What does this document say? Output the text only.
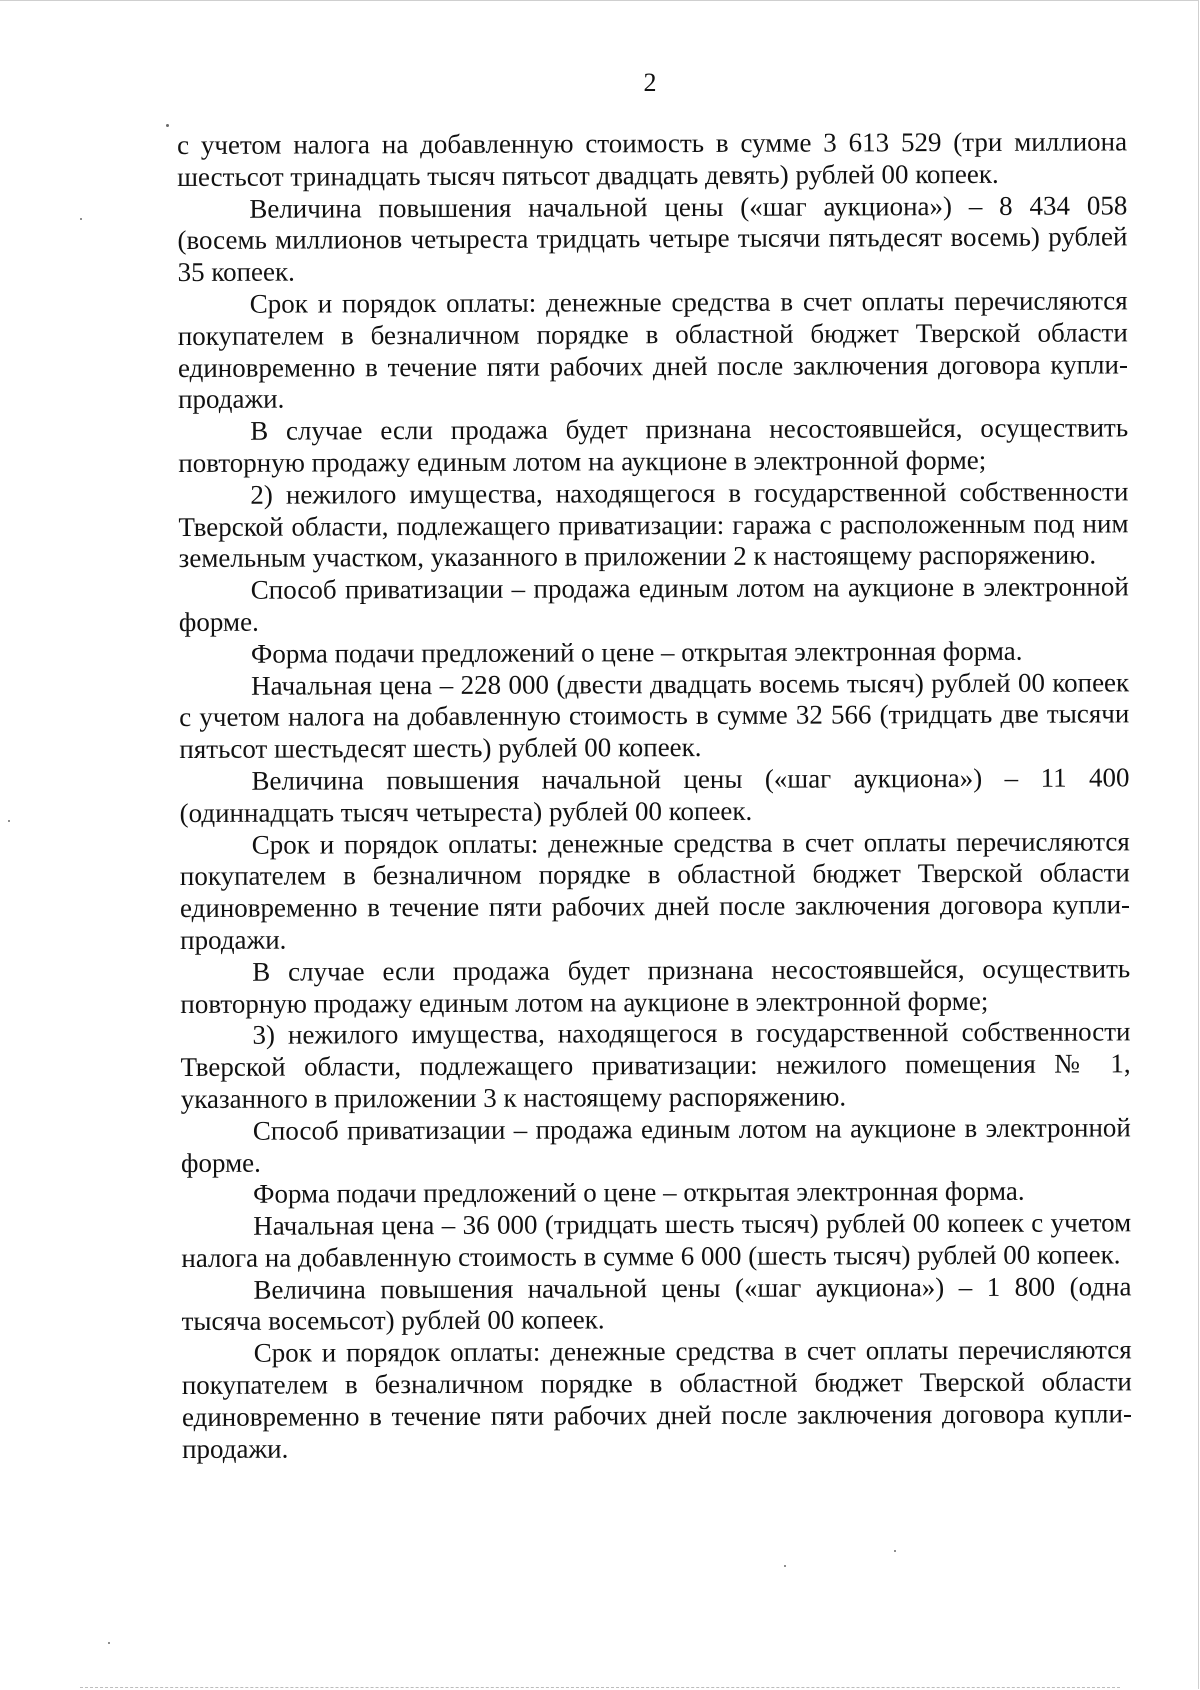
2

с учетом налога на добавленную стоимость в сумме 3 613 529 (три миллиона шестьсот тринадцать тысяч пятьсот двадцать девять) рублей 00 копеек.

Величина повышения начальной цены («шаг аукциона») – 8 434 058 (восемь миллионов четыреста тридцать четыре тысячи пятьдесят восемь) рублей 35 копеек.

Срок и порядок оплаты: денежные средства в счет оплаты перечисляются покупателем в безналичном порядке в областной бюджет Тверской области единовременно в течение пяти рабочих дней после заключения договора купли-продажи.

В случае если продажа будет признана несостоявшейся, осуществить повторную продажу единым лотом на аукционе в электронной форме;

2) нежилого имущества, находящегося в государственной собственности Тверской области, подлежащего приватизации: гаража с расположенным под ним земельным участком, указанного в приложении 2 к настоящему распоряжению.

Способ приватизации – продажа единым лотом на аукционе в электронной форме.

Форма подачи предложений о цене – открытая электронная форма.

Начальная цена – 228 000 (двести двадцать восемь тысяч) рублей 00 копеек с учетом налога на добавленную стоимость в сумме 32 566 (тридцать две тысячи пятьсот шестьдесят шесть) рублей 00 копеек.

Величина повышения начальной цены («шаг аукциона») – 11 400 (одиннадцать тысяч четыреста) рублей 00 копеек.

Срок и порядок оплаты: денежные средства в счет оплаты перечисляются покупателем в безналичном порядке в областной бюджет Тверской области единовременно в течение пяти рабочих дней после заключения договора купли-продажи.

В случае если продажа будет признана несостоявшейся, осуществить повторную продажу единым лотом на аукционе в электронной форме;

3) нежилого имущества, находящегося в государственной собственности Тверской области, подлежащего приватизации: нежилого помещения № 1, указанного в приложении 3 к настоящему распоряжению.

Способ приватизации – продажа единым лотом на аукционе в электронной форме.

Форма подачи предложений о цене – открытая электронная форма.

Начальная цена – 36 000 (тридцать шесть тысяч) рублей 00 копеек с учетом налога на добавленную стоимость в сумме 6 000 (шесть тысяч) рублей 00 копеек.

Величина повышения начальной цены («шаг аукциона») – 1 800 (одна тысяча восемьсот) рублей 00 копеек.

Срок и порядок оплаты: денежные средства в счет оплаты перечисляются покупателем в безналичном порядке в областной бюджет Тверской области единовременно в течение пяти рабочих дней после заключения договора купли-продажи.
